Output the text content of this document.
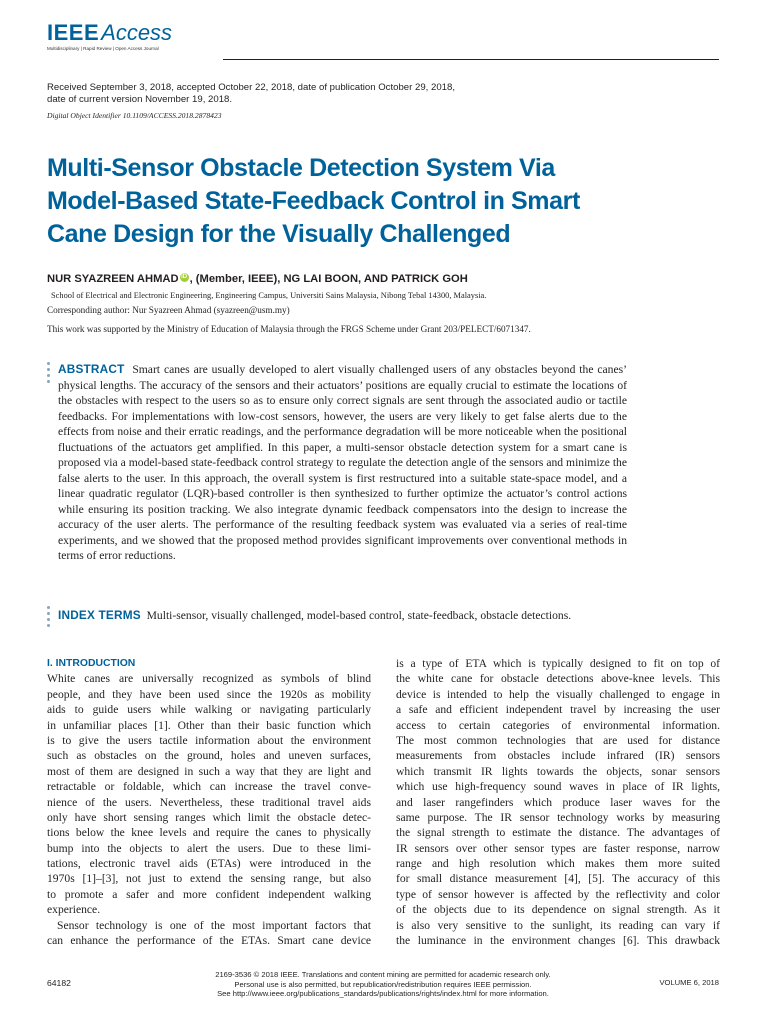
IEEEAccess
Multidisciplinary | Rapid Review | Open Access Journal
Received September 3, 2018, accepted October 22, 2018, date of publication October 29, 2018,
date of current version November 19, 2018.
Digital Object Identifier 10.1109/ACCESS.2018.2878423
Multi-Sensor Obstacle Detection System Via
Model-Based State-Feedback Control in Smart
Cane Design for the Visually Challenged
NUR SYAZREEN AHMAD iD , (Member, IEEE), NG LAI BOON, AND PATRICK GOH
School of Electrical and Electronic Engineering, Engineering Campus, Universiti Sains Malaysia, Nibong Tebal 14300, Malaysia.
Corresponding author: Nur Syazreen Ahmad (syazreen@usm.my)
This work was supported by the Ministry of Education of Malaysia through the FRGS Scheme under Grant 203/PELECT/6071347.
ABSTRACT Smart canes are usually developed to alert visually challenged users of any obstacles beyond the canes’ physical lengths. The accuracy of the sensors and their actuators’ positions are equally crucial to estimate the locations of the obstacles with respect to the users so as to ensure only correct signals are sent through the associated audio or tactile feedbacks. For implementations with low-cost sensors, however, the users are very likely to get false alerts due to the effects from noise and their erratic readings, and the performance degradation will be more noticeable when the positional fluctuations of the actuators get amplified. In this paper, a multi-sensor obstacle detection system for a smart cane is proposed via a model-based state-feedback control strategy to regulate the detection angle of the sensors and minimize the false alerts to the user. In this approach, the overall system is first restructured into a suitable state-space model, and a linear quadratic regulator (LQR)-based controller is then synthesized to further optimize the actuator’s control actions while ensuring its position tracking. We also integrate dynamic feedback compensators into the design to increase the accuracy of the user alerts. The performance of the resulting feedback system was evaluated via a series of real-time experiments, and we showed that the proposed method provides significant improvements over conventional methods in terms of error reductions.
INDEX TERMS Multi-sensor, visually challenged, model-based control, state-feedback, obstacle detections.
I. INTRODUCTION
White canes are universally recognized as symbols of blind
people, and they have been used since the 1920s as mobility
aids to guide users while walking or navigating particularly
in unfamiliar places [1]. Other than their basic function which
is to give the users tactile information about the environment
such as obstacles on the ground, holes and uneven surfaces,
most of them are designed in such a way that they are light and
retractable or foldable, which can increase the travel conve-
nience of the users. Nevertheless, these traditional travel aids
only have short sensing ranges which limit the obstacle detec-
tions below the knee levels and require the canes to physically
bump into the objects to alert the users. Due to these limi-
tations, electronic travel aids (ETAs) were introduced in the
1970s [1]–[3], not just to extend the sensing range, but also
to promote a safer and more confident independent walking
experience.
Sensor technology is one of the most important factors that
can enhance the performance of the ETAs. Smart cane device
is a type of ETA which is typically designed to fit on top of
the white cane for obstacle detections above-knee levels. This
device is intended to help the visually challenged to engage in
a safe and efficient independent travel by increasing the user
access to certain categories of environmental information.
The most common technologies that are used for distance
measurements from obstacles include infrared (IR) sensors
which transmit IR lights towards the objects, sonar sensors
which use high-frequency sound waves in place of IR lights,
and laser rangefinders which produce laser waves for the
same purpose. The IR sensor technology works by measuring
the signal strength to estimate the distance. The advantages of
IR sensors over other sensor types are faster response, narrow
range and high resolution which makes them more suited
for small distance measurement [4], [5]. The accuracy of this
type of sensor however is affected by the reflectivity and color
of the objects due to its dependence on signal strength. As it
is also very sensitive to the sunlight, its reading can vary if
the luminance in the environment changes [6]. This drawback
64182
2169-3536 © 2018 IEEE. Translations and content mining are permitted for academic research only.
Personal use is also permitted, but republication/redistribution requires IEEE permission.
See http://www.ieee.org/publications_standards/publications/rights/index.html for more information.
VOLUME 6, 2018
